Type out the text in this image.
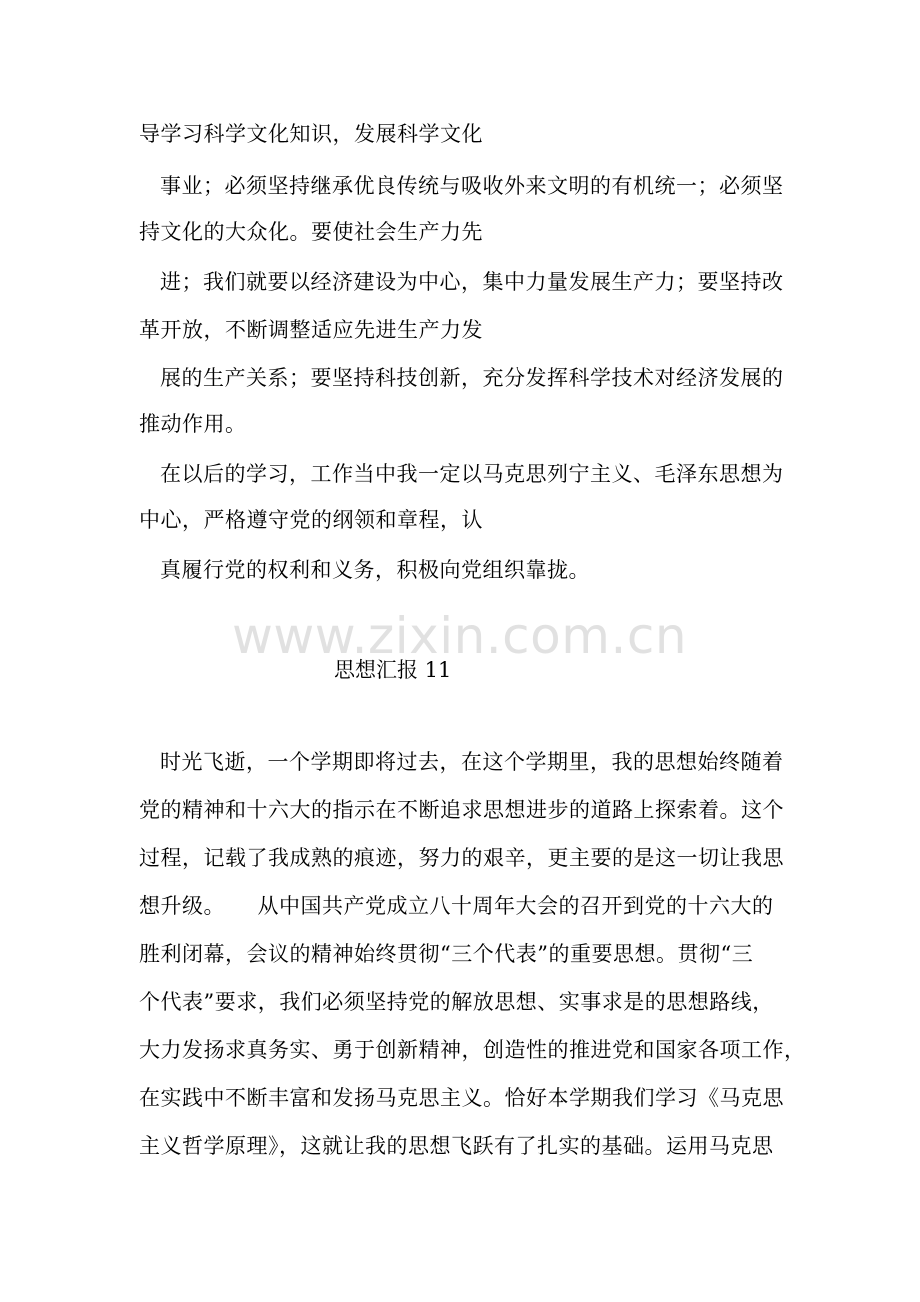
导学习科学文化知识，发展科学文化
事业；必须坚持继承优良传统与吸收外来文明的有机统一；必须坚
持文化的大众化。要使社会生产力先
进；我们就要以经济建设为中心，集中力量发展生产力；要坚持改
革开放，不断调整适应先进生产力发
展的生产关系；要坚持科技创新，充分发挥科学技术对经济发展的
推动作用。
在以后的学习，工作当中我一定以马克思列宁主义、毛泽东思想为
中心，严格遵守党的纲领和章程，认
真履行党的权利和义务，积极向党组织靠拢。
www.zixin.com.cn
思想汇报 11
时光飞逝，一个学期即将过去，在这个学期里，我的思想始终随着
党的精神和十六大的指示在不断追求思想进步的道路上探索着。这个
过程，记载了我成熟的痕迹，努力的艰辛，更主要的是这一切让我思
想升级。　　从中国共产党成立八十周年大会的召开到党的十六大的
胜利闭幕，会议的精神始终贯彻“三个代表”的重要思想。贯彻“三
个代表”要求，我们必须坚持党的解放思想、实事求是的思想路线，
大力发扬求真务实、勇于创新精神，创造性的推进党和国家各项工作，
在实践中不断丰富和发扬马克思主义。恰好本学期我们学习《马克思
主义哲学原理》，这就让我的思想飞跃有了扎实的基础。运用马克思
